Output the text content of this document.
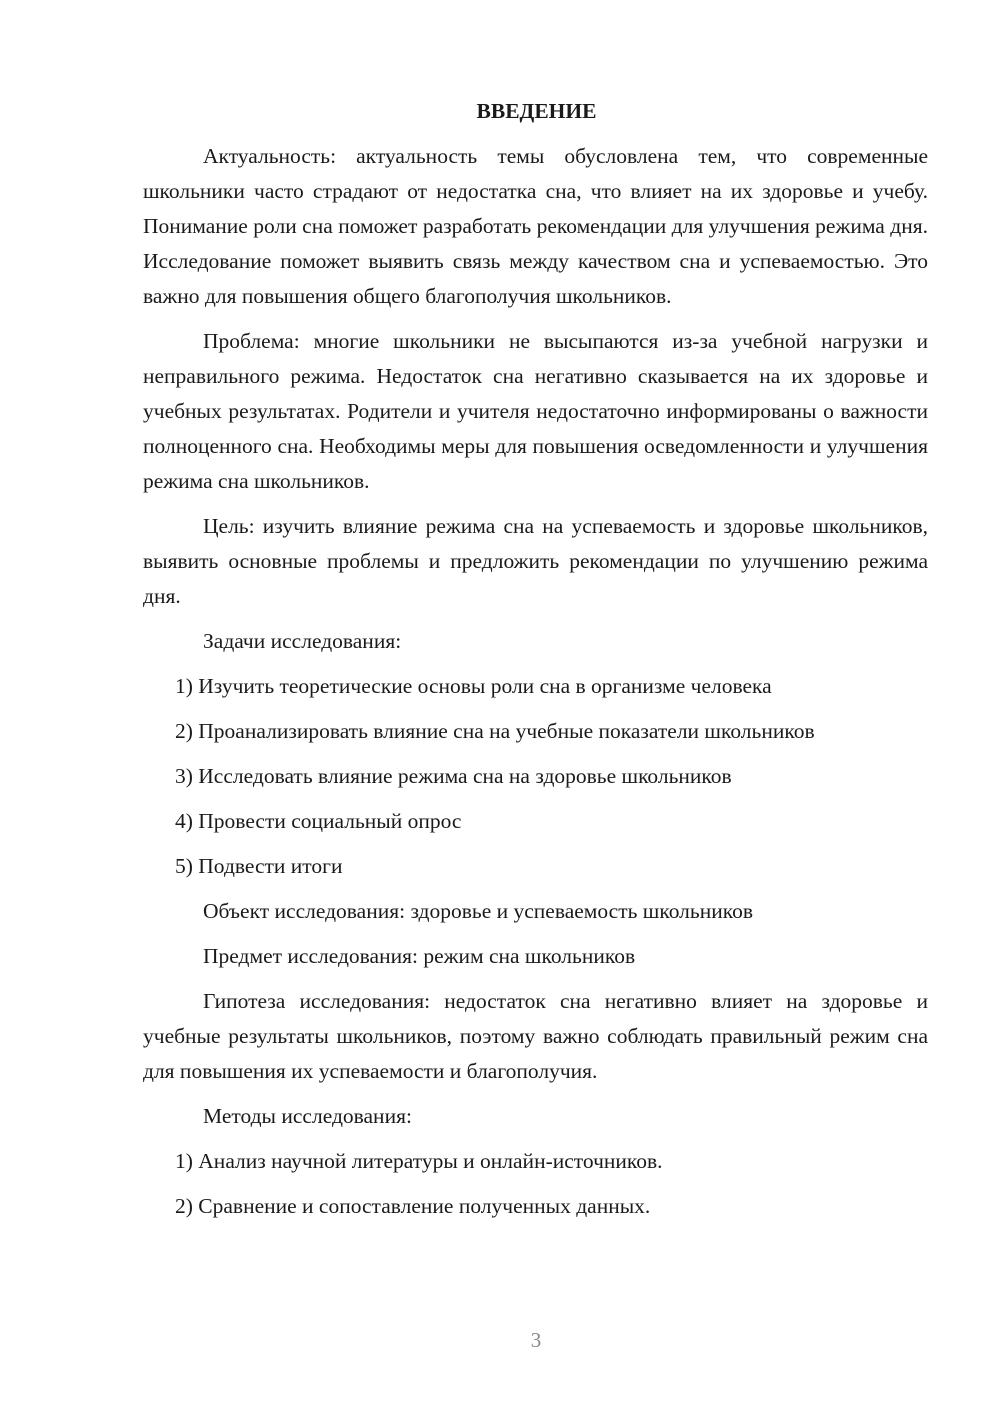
ВВЕДЕНИЕ
Актуальность: актуальность темы обусловлена тем, что современные школьники часто страдают от недостатка сна, что влияет на их здоровье и учебу. Понимание роли сна поможет разработать рекомендации для улучшения режима дня. Исследование поможет выявить связь между качеством сна и успеваемостью. Это важно для повышения общего благополучия школьников.
Проблема: многие школьники не высыпаются из-за учебной нагрузки и неправильного режима. Недостаток сна негативно сказывается на их здоровье и учебных результатах. Родители и учителя недостаточно информированы о важности полноценного сна. Необходимы меры для повышения осведомленности и улучшения режима сна школьников.
Цель: изучить влияние режима сна на успеваемость и здоровье школьников, выявить основные проблемы и предложить рекомендации по улучшению режима дня.
Задачи исследования:
1) Изучить теоретические основы роли сна в организме человека
2) Проанализировать влияние сна на учебные показатели школьников
3) Исследовать влияние режима сна на здоровье школьников
4) Провести социальный опрос
5) Подвести итоги
Объект исследования: здоровье и успеваемость школьников
Предмет исследования: режим сна школьников
Гипотеза исследования: недостаток сна негативно влияет на здоровье и учебные результаты школьников, поэтому важно соблюдать правильный режим сна для повышения их успеваемости и благополучия.
Методы исследования:
1) Анализ научной литературы и онлайн-источников.
2) Сравнение и сопоставление полученных данных.
3
